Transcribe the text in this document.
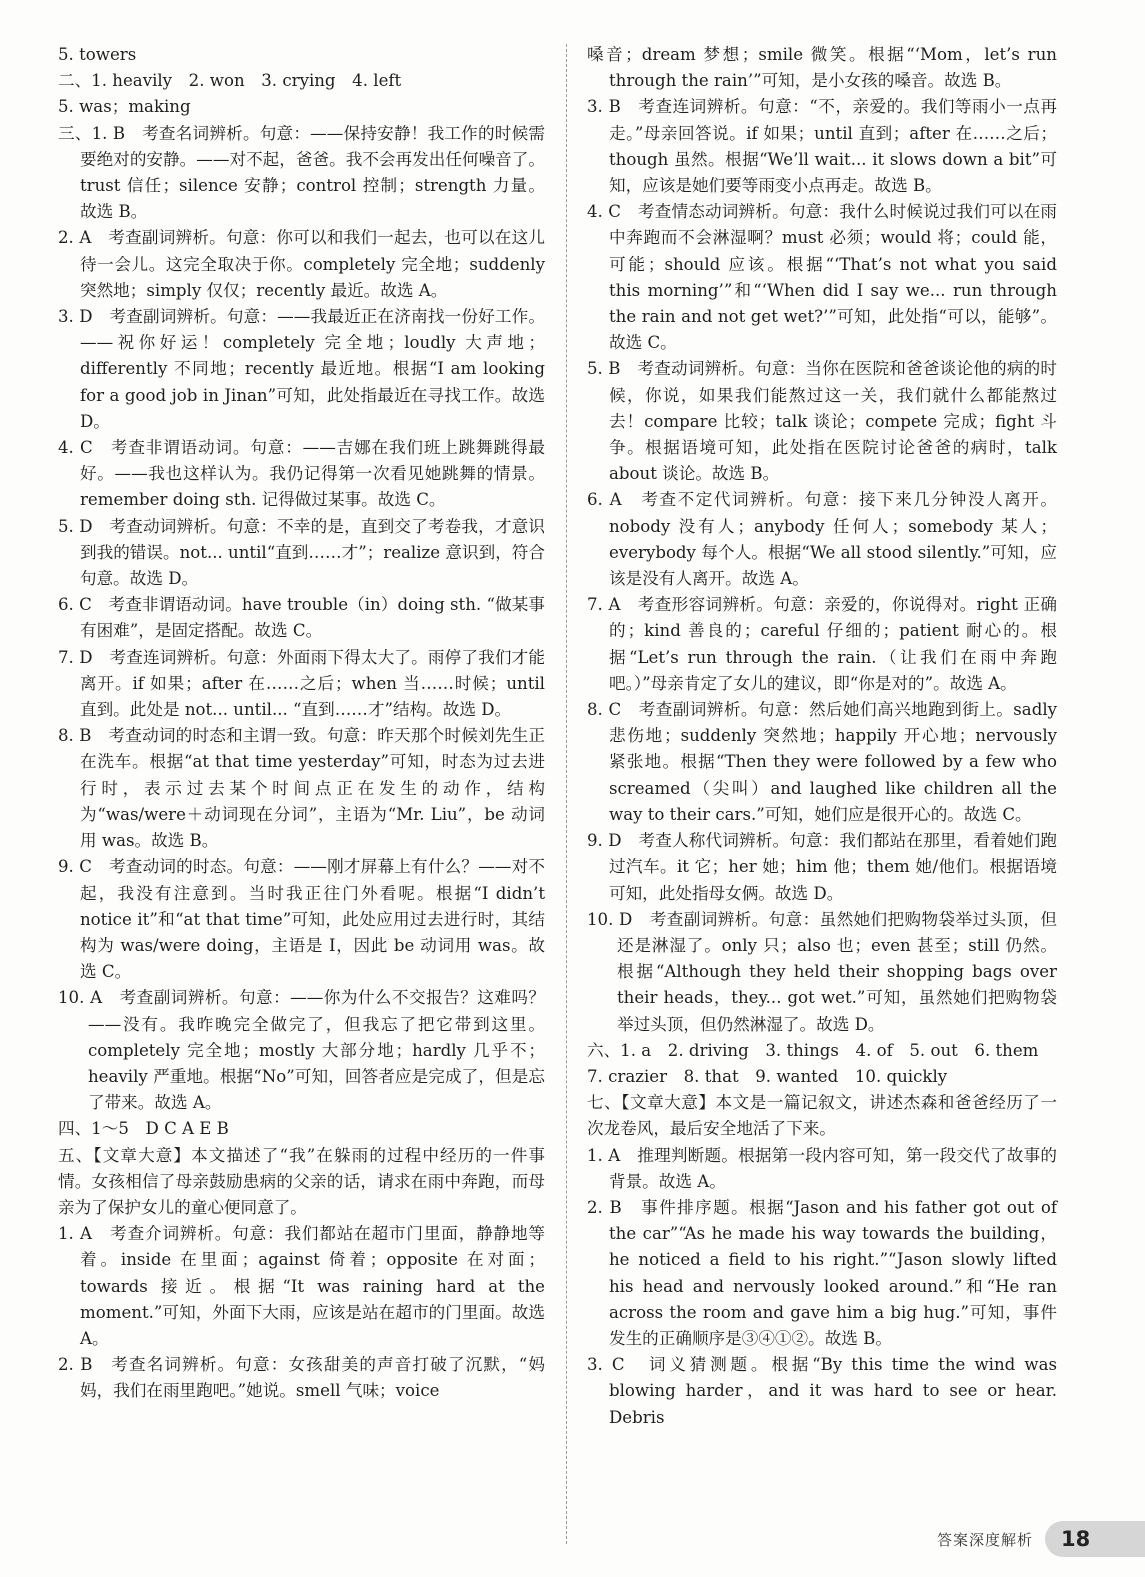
5. towers

二、1. heavily　2. won　3. crying　4. left

5. was；making

三、1. B　考查名词辨析。句意：——保持安静！我工作的时候需要绝对的安静。——对不起，爸爸。我不会再发出任何噪音了。trust 信任；silence 安静；control 控制；strength 力量。故选 B。

2. A　考查副词辨析。句意：你可以和我们一起去，也可以在这儿待一会儿。这完全取决于你。completely 完全地；suddenly 突然地；simply 仅仅；recently 最近。故选 A。

3. D　考查副词辨析。句意：——我最近正在济南找一份好工作。——祝你好运！completely 完全地；loudly 大声地；differently 不同地；recently 最近地。根据“I am looking for a good job in Jinan”可知，此处指最近在寻找工作。故选 D。

4. C　考查非谓语动词。句意：——吉娜在我们班上跳舞跳得最好。——我也这样认为。我仍记得第一次看见她跳舞的情景。remember doing sth. 记得做过某事。故选 C。

5. D　考查动词辨析。句意：不幸的是，直到交了考卷我，才意识到我的错误。not... until“直到……才”；realize 意识到，符合句意。故选 D。

6. C　考查非谓语动词。have trouble（in）doing sth. “做某事有困难”，是固定搭配。故选 C。

7. D　考查连词辨析。句意：外面雨下得太大了。雨停了我们才能离开。if 如果；after 在……之后；when 当……时候；until 直到。此处是 not... until... “直到……才”结构。故选 D。

8. B　考查动词的时态和主谓一致。句意：昨天那个时候刘先生正在洗车。根据“at that time yesterday”可知，时态为过去进行时，表示过去某个时间点正在发生的动作，结构为“was/were＋动词现在分词”，主语为“Mr. Liu”，be 动词用 was。故选 B。

9. C　考查动词的时态。句意：——刚才屏幕上有什么？——对不起，我没有注意到。当时我正往门外看呢。根据“I didn’t notice it”和“at that time”可知，此处应用过去进行时，其结构为 was/were doing，主语是 I，因此 be 动词用 was。故选 C。

10. A　考查副词辨析。句意：——你为什么不交报告？这难吗？——没有。我昨晚完全做完了，但我忘了把它带到这里。completely 完全地；mostly 大部分地；hardly 几乎不；heavily 严重地。根据“No”可知，回答者应是完成了，但是忘了带来。故选 A。

四、1～5　D C A E B

五、【文章大意】本文描述了“我”在躲雨的过程中经历的一件事情。女孩相信了母亲鼓励患病的父亲的话，请求在雨中奔跑，而母亲为了保护女儿的童心便同意了。

1. A　考查介词辨析。句意：我们都站在超市门里面，静静地等着。inside 在里面；against 倚着；opposite 在对面；towards 接近。根据“It was raining hard at the moment.”可知，外面下大雨，应该是站在超市的门里面。故选 A。

2. B　考查名词辨析。句意：女孩甜美的声音打破了沉默，“妈妈，我们在雨里跑吧。”她说。smell 气味；voice

嗓音；dream 梦想；smile 微笑。根据“‘Mom，let’s run through the rain’”可知，是小女孩的嗓音。故选 B。

3. B　考查连词辨析。句意：“不，亲爱的。我们等雨小一点再走。”母亲回答说。if 如果；until 直到；after 在……之后；though 虽然。根据“We’ll wait... it slows down a bit”可知，应该是她们要等雨变小点再走。故选 B。

4. C　考查情态动词辨析。句意：我什么时候说过我们可以在雨中奔跑而不会淋湿啊？must 必须；would 将；could 能，可能；should 应该。根据“‘That’s not what you said this morning’”和“‘When did I say we... run through the rain and not get wet?’”可知，此处指“可以，能够”。故选 C。

5. B　考查动词辨析。句意：当你在医院和爸爸谈论他的病的时候，你说，如果我们能熬过这一关，我们就什么都能熬过去！compare 比较；talk 谈论；compete 完成；fight 斗争。根据语境可知，此处指在医院讨论爸爸的病时，talk about 谈论。故选 B。

6. A　考查不定代词辨析。句意：接下来几分钟没人离开。nobody 没有人；anybody 任何人；somebody 某人；everybody 每个人。根据“We all stood silently.”可知，应该是没有人离开。故选 A。

7. A　考查形容词辨析。句意：亲爱的，你说得对。right 正确的；kind 善良的；careful 仔细的；patient 耐心的。根据“Let’s run through the rain.（让我们在雨中奔跑吧。）”母亲肯定了女儿的建议，即“你是对的”。故选 A。

8. C　考查副词辨析。句意：然后她们高兴地跑到街上。sadly 悲伤地；suddenly 突然地；happily 开心地；nervously 紧张地。根据“Then they were followed by a few who screamed（尖叫）and laughed like children all the way to their cars.”可知，她们应是很开心的。故选 C。

9. D　考查人称代词辨析。句意：我们都站在那里，看着她们跑过汽车。it 它；her 她；him 他；them 她/他们。根据语境可知，此处指母女俩。故选 D。

10. D　考查副词辨析。句意：虽然她们把购物袋举过头顶，但还是淋湿了。only 只；also 也；even 甚至；still 仍然。根据“Although they held their shopping bags over their heads，they... got wet.”可知，虽然她们把购物袋举过头顶，但仍然淋湿了。故选 D。

六、1. a　2. driving　3. things　4. of　5. out　6. them

7. crazier　8. that　9. wanted　10. quickly

七、【文章大意】本文是一篇记叙文，讲述杰森和爸爸经历了一次龙卷风，最后安全地活了下来。

1. A　推理判断题。根据第一段内容可知，第一段交代了故事的背景。故选 A。

2. B　事件排序题。根据“Jason and his father got out of the car”“As he made his way towards the building，he noticed a field to his right.”“Jason slowly lifted his head and nervously looked around.”和“He ran across the room and gave him a big hug.”可知，事件发生的正确顺序是③④①②。故选 B。

3. C　词义猜测题。根据“By this time the wind was blowing harder，and it was hard to see or hear. Debris

答案深度解析 18
